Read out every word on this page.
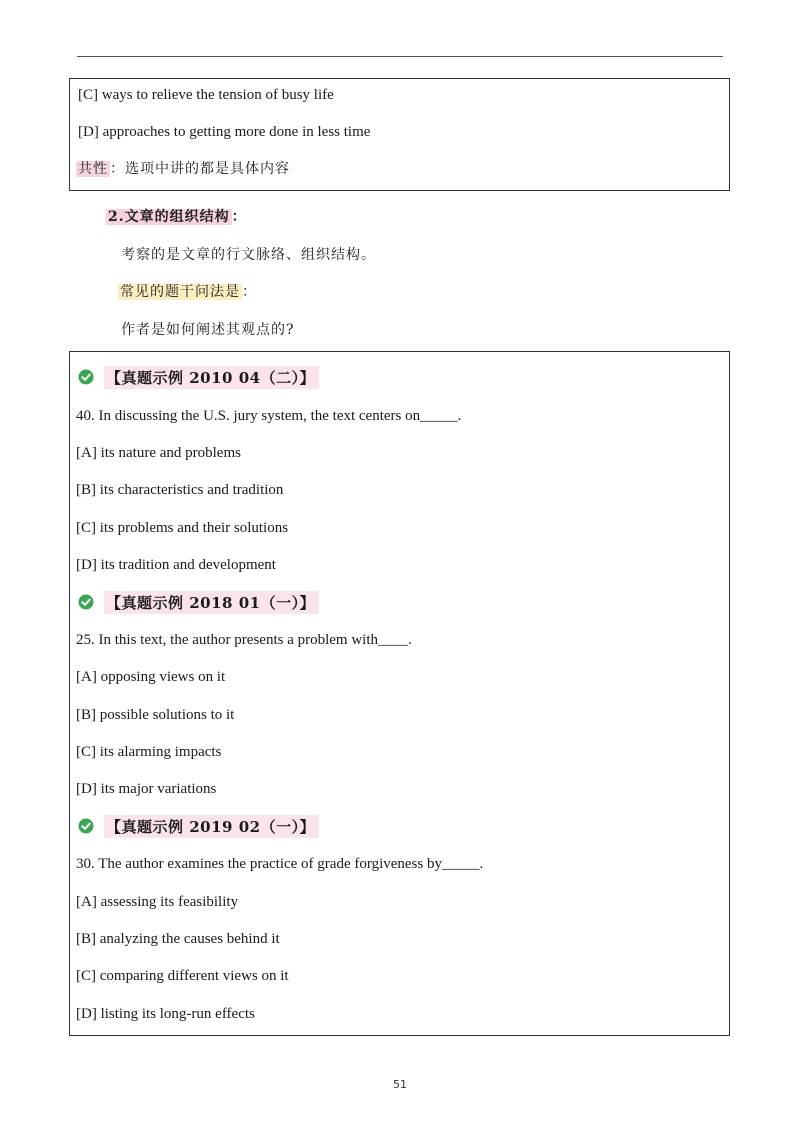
[C] ways to relieve the tension of busy life
[D] approaches to getting more done in less time
共性 ：选项中讲的都是具体内容
2.文章的组织结构 ：
考察的是文章的行文脉络、组织结构。
常见的题干问法是 ：
作者是如何阐述其观点的?
【真题示例 2010 04（二）】
40. In discussing the U.S. jury system, the text centers on_____.
[A] its nature and problems
[B] its characteristics and tradition
[C] its problems and their solutions
[D] its tradition and development
【真题示例 2018 01（一）】
25. In this text, the author presents a problem with____.
[A] opposing views on it
[B] possible solutions to it
[C] its alarming impacts
[D] its major variations
【真题示例 2019 02（一）】
30. The author examines the practice of grade forgiveness by_____.
[A] assessing its feasibility
[B] analyzing the causes behind it
[C] comparing different views on it
[D] listing its long-run effects
51
